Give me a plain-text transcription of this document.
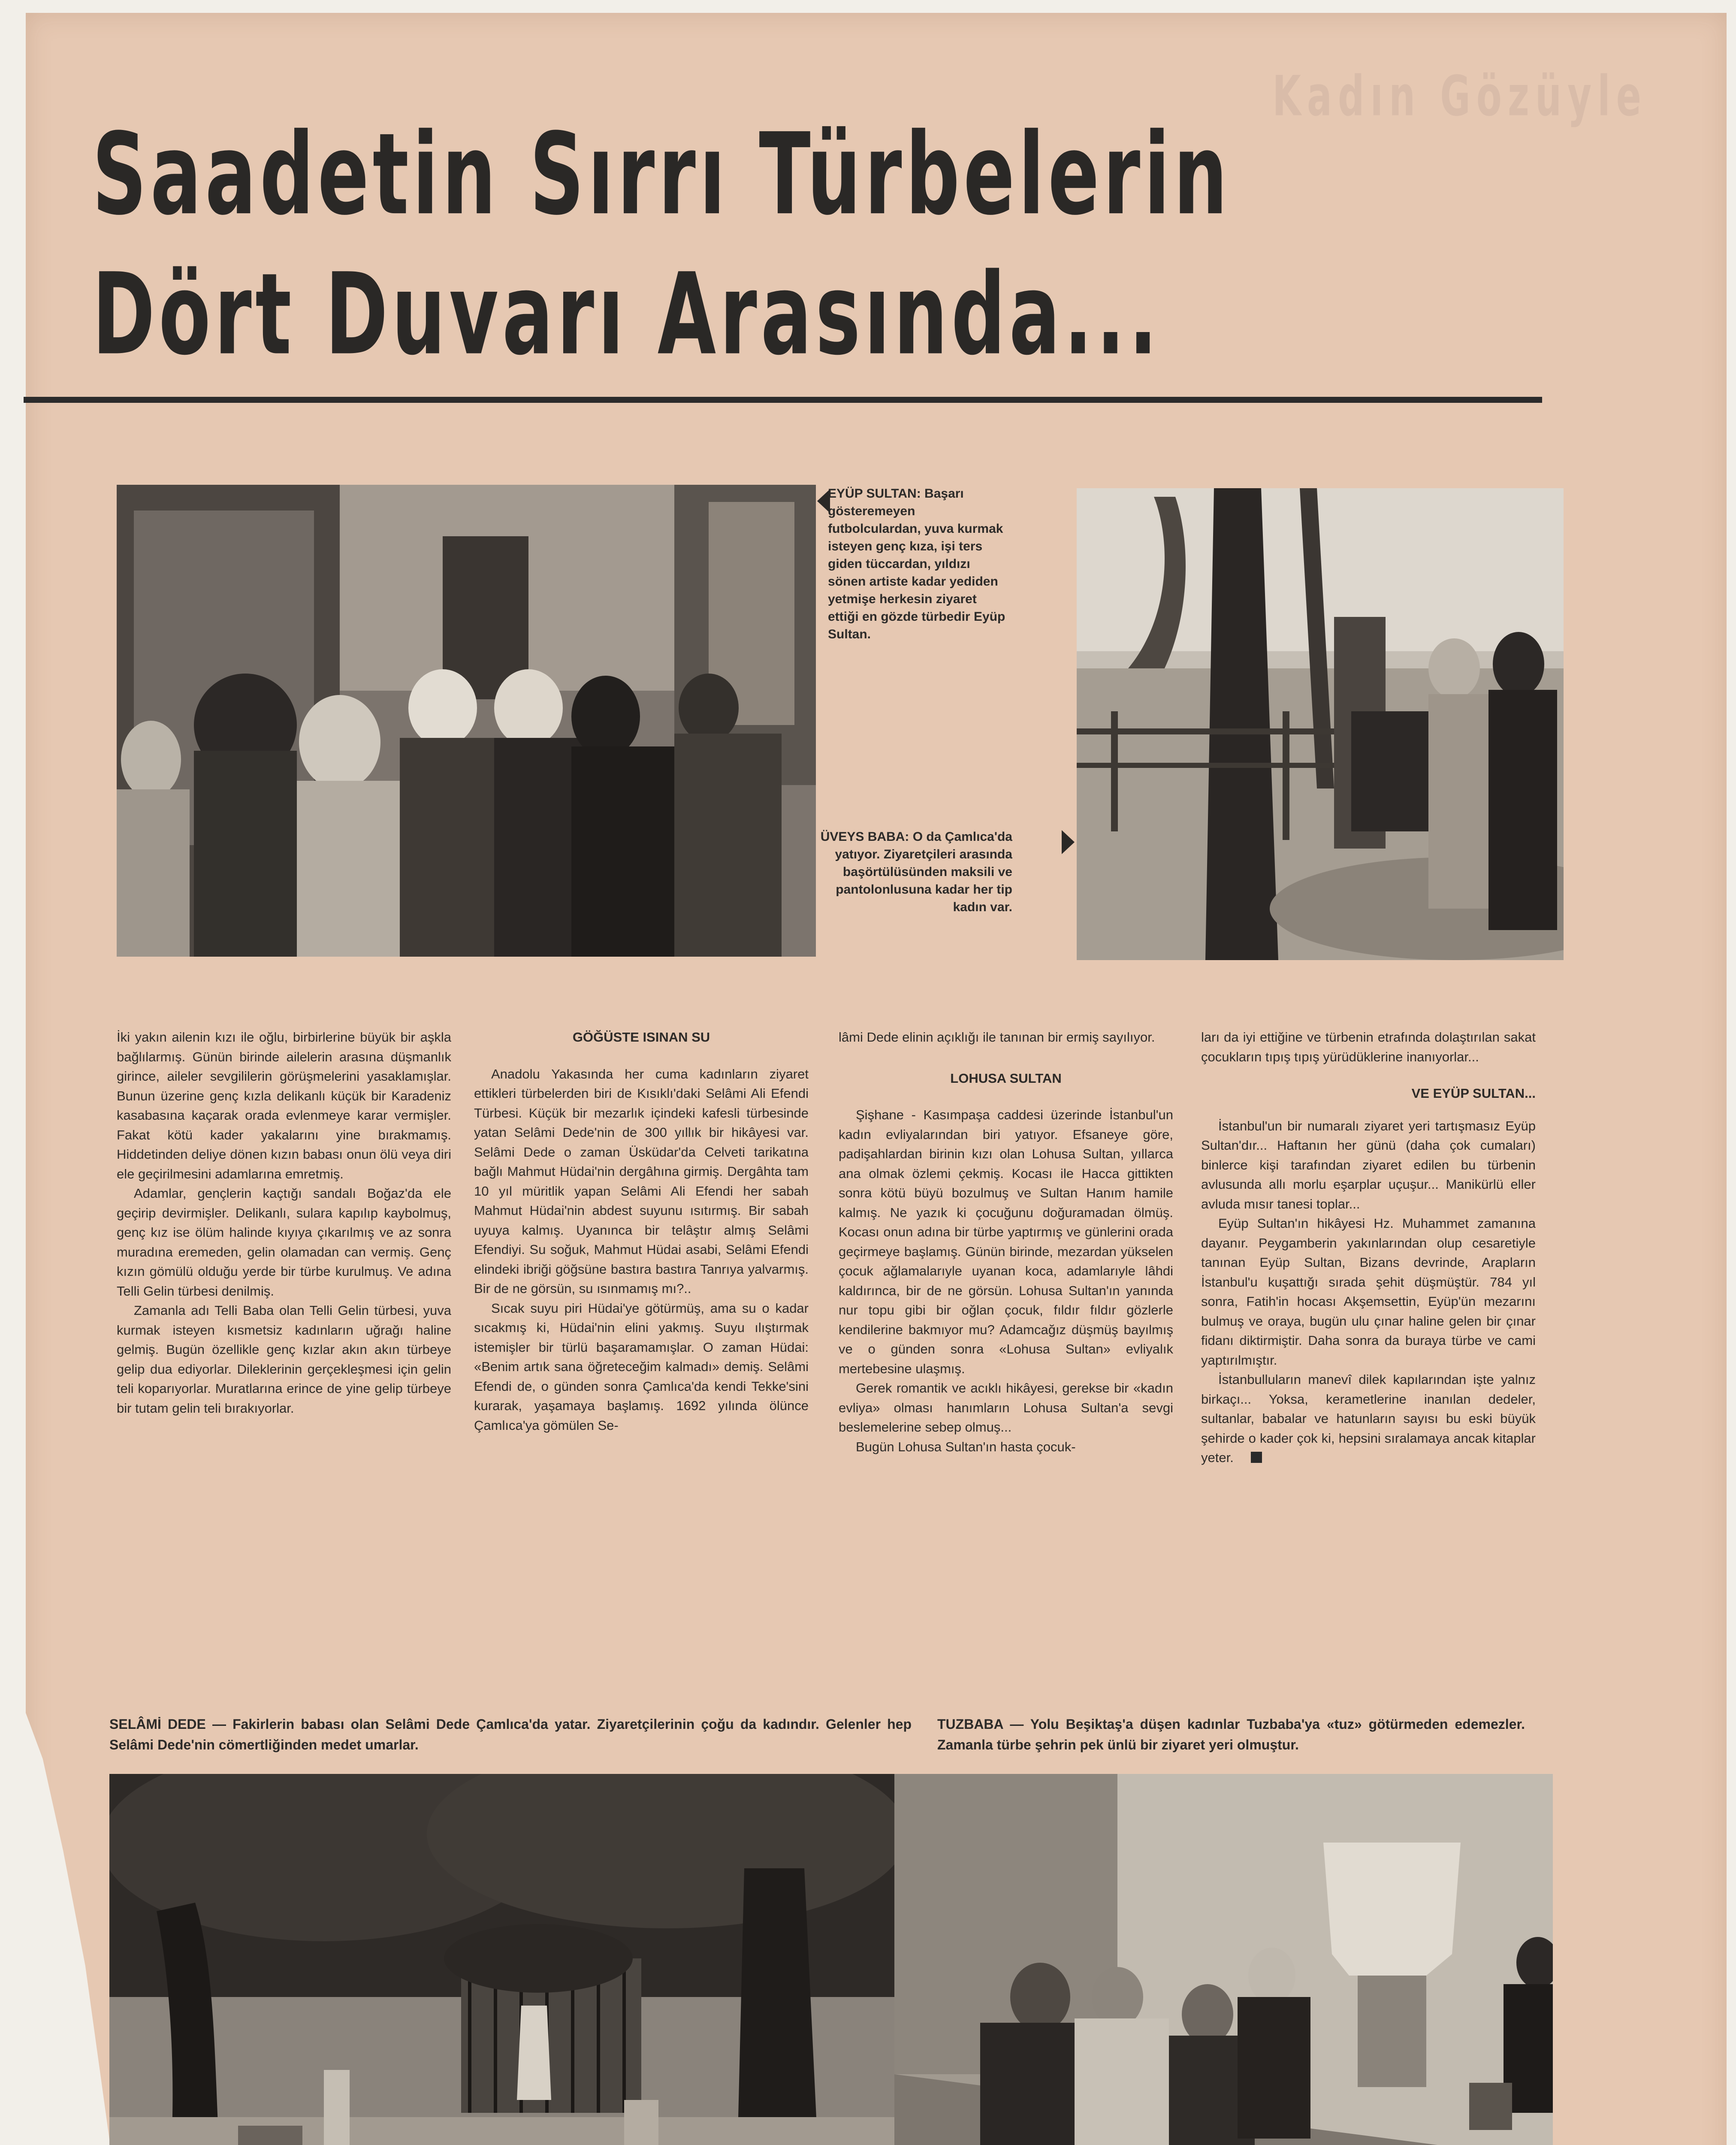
Kadın Gözüyle
Saadetin Sırrı Türbelerin
Dört Duvarı Arasında...
EYÜP SULTAN: Başarı gösteremeyen futbolculardan, yuva kurmak isteyen genç kıza, işi ters giden tüccardan, yıldızı sönen artiste kadar yediden yetmişe herkesin ziyaret ettiği en gözde türbedir Eyüp Sultan.
ÜVEYS BABA: O da Çamlıca'da yatıyor. Ziyaretçileri arasında başörtülüsünden maksili ve pantolonlusuna kadar her tip kadın var.

İki yakın ailenin kızı ile oğlu, birbirlerine büyük bir aşkla bağlılarmış. Günün birinde ailelerin arasına düşmanlık girince, aileler sevgililerin görüşmelerini yasaklamışlar. Bunun üzerine genç kızla delikanlı küçük bir Karadeniz kasabasına kaçarak orada evlenmeye karar vermişler. Fakat kötü kader yakalarını yine bırakmamış. Hiddetinden deliye dönen kızın babası onun ölü veya diri ele geçirilmesini adamlarına emretmiş.

Adamlar, gençlerin kaçtığı sandalı Boğaz'da ele geçirip devirmişler. Delikanlı, sulara kapılıp kaybolmuş, genç kız ise ölüm halinde kıyıya çıkarılmış ve az sonra muradına eremeden, gelin olamadan can vermiş. Genç kızın gömülü olduğu yerde bir türbe kurulmuş. Ve adına Telli Gelin türbesi denilmiş.

Zamanla adı Telli Baba olan Telli Gelin türbesi, yuva kurmak isteyen kısmetsiz kadınların uğrağı haline gelmiş. Bugün özellikle genç kızlar akın akın türbeye gelip dua ediyorlar. Dileklerinin gerçekleşmesi için gelin teli koparıyorlar. Muratlarına erince de yine gelip türbeye bir tutam gelin teli bırakıyorlar.

GÖĞÜSTE ISINAN SU

Anadolu Yakasında her cuma kadınların ziyaret ettikleri türbelerden biri de Kısıklı'daki Selâmi Ali Efendi Türbesi. Küçük bir mezarlık içindeki kafesli türbesinde yatan Selâmi Dede'nin de 300 yıllık bir hikâyesi var. Selâmi Dede o zaman Üsküdar'da Celveti tarikatına bağlı Mahmut Hüdai'nin dergâhına girmiş. Dergâhta tam 10 yıl müritlik yapan Selâmi Ali Efendi her sabah Mahmut Hüdai'nin abdest suyunu ısıtırmış. Bir sabah uyuya kalmış. Uyanınca bir telâştır almış Selâmi Efendiyi. Su soğuk, Mahmut Hüdai asabi, Selâmi Efendi elindeki ibriği göğsüne bastıra bastıra Tanrıya yalvarmış. Bir de ne görsün, su ısınmamış mı?..

Sıcak suyu piri Hüdai'ye götürmüş, ama su o kadar sıcakmış ki, Hüdai'nin elini yakmış. Suyu ılıştırmak istemişler bir türlü başaramamışlar. O zaman Hüdai: «Benim artık sana öğreteceğim kalmadı» demiş. Selâmi Efendi de, o günden sonra Çamlıca'da kendi Tekke'sini kurarak, yaşamaya başlamış. 1692 yılında ölünce Çamlıca'ya gömülen Se-

lâmi Dede elinin açıklığı ile tanınan bir ermiş sayılıyor.

LOHUSA SULTAN

Şişhane - Kasımpaşa caddesi üzerinde İstanbul'un kadın evliyalarından biri yatıyor. Efsaneye göre, padişahlardan birinin kızı olan Lohusa Sultan, yıllarca ana olmak özlemi çekmiş. Kocası ile Hacca gittikten sonra kötü büyü bozulmuş ve Sultan Hanım hamile kalmış. Ne yazık ki çocuğunu doğuramadan ölmüş. Kocası onun adına bir türbe yaptırmış ve günlerini orada geçirmeye başlamış. Günün birinde, mezardan yükselen çocuk ağlamalarıyle uyanan koca, adamlarıyle lâhdi kaldırınca, bir de ne görsün. Lohusa Sultan'ın yanında nur topu gibi bir oğlan çocuk, fıldır fıldır gözlerle kendilerine bakmıyor mu? Adamcağız düşmüş bayılmış ve o günden sonra «Lohusa Sultan» evliyalık mertebesine ulaşmış.

Gerek romantik ve acıklı hikâyesi, gerekse bir «kadın evliya» olması hanımların Lohusa Sultan'a sevgi beslemelerine sebep olmuş...

Bugün Lohusa Sultan'ın hasta çocuk-

ları da iyi ettiğine ve türbenin etrafında dolaştırılan sakat çocukların tıpış tıpış yürüdüklerine inanıyorlar...

VE EYÜP SULTAN...

İstanbul'un bir numaralı ziyaret yeri tartışmasız Eyüp Sultan'dır... Haftanın her günü (daha çok cumaları) binlerce kişi tarafından ziyaret edilen bu türbenin avlusunda allı morlu eşarplar uçuşur... Manikürlü eller avluda mısır tanesi toplar...

Eyüp Sultan'ın hikâyesi Hz. Muhammet zamanına dayanır. Peygamberin yakınlarından olup cesaretiyle tanınan Eyüp Sultan, Bizans devrinde, Arapların İstanbul'u kuşattığı sırada şehit düşmüştür. 784 yıl sonra, Fatih'in hocası Akşemsettin, Eyüp'ün mezarını bulmuş ve oraya, bugün ulu çınar haline gelen bir çınar fidanı diktirmiştir. Daha sonra da buraya türbe ve cami yaptırılmıştır.

İstanbulluların manevî dilek kapılarından işte yalnız birkaçı... Yoksa, kerametlerine inanılan dedeler, sultanlar, babalar ve hatunların sayısı bu eski büyük şehirde o kader çok ki, hepsini sıralamaya ancak kitaplar yeter.

SELÂMİ DEDE — Fakirlerin babası olan Selâmi Dede Çamlıca'da yatar. Ziyaretçilerinin çoğu da kadındır. Gelenler hep Selâmi Dede'nin cömertliğinden medet umarlar.
TUZBABA — Yolu Beşiktaş'a düşen kadınlar Tuzbaba'ya «tuz» götürmeden edemezler. Zamanla türbe şehrin pek ünlü bir ziyaret yeri olmuştur.
